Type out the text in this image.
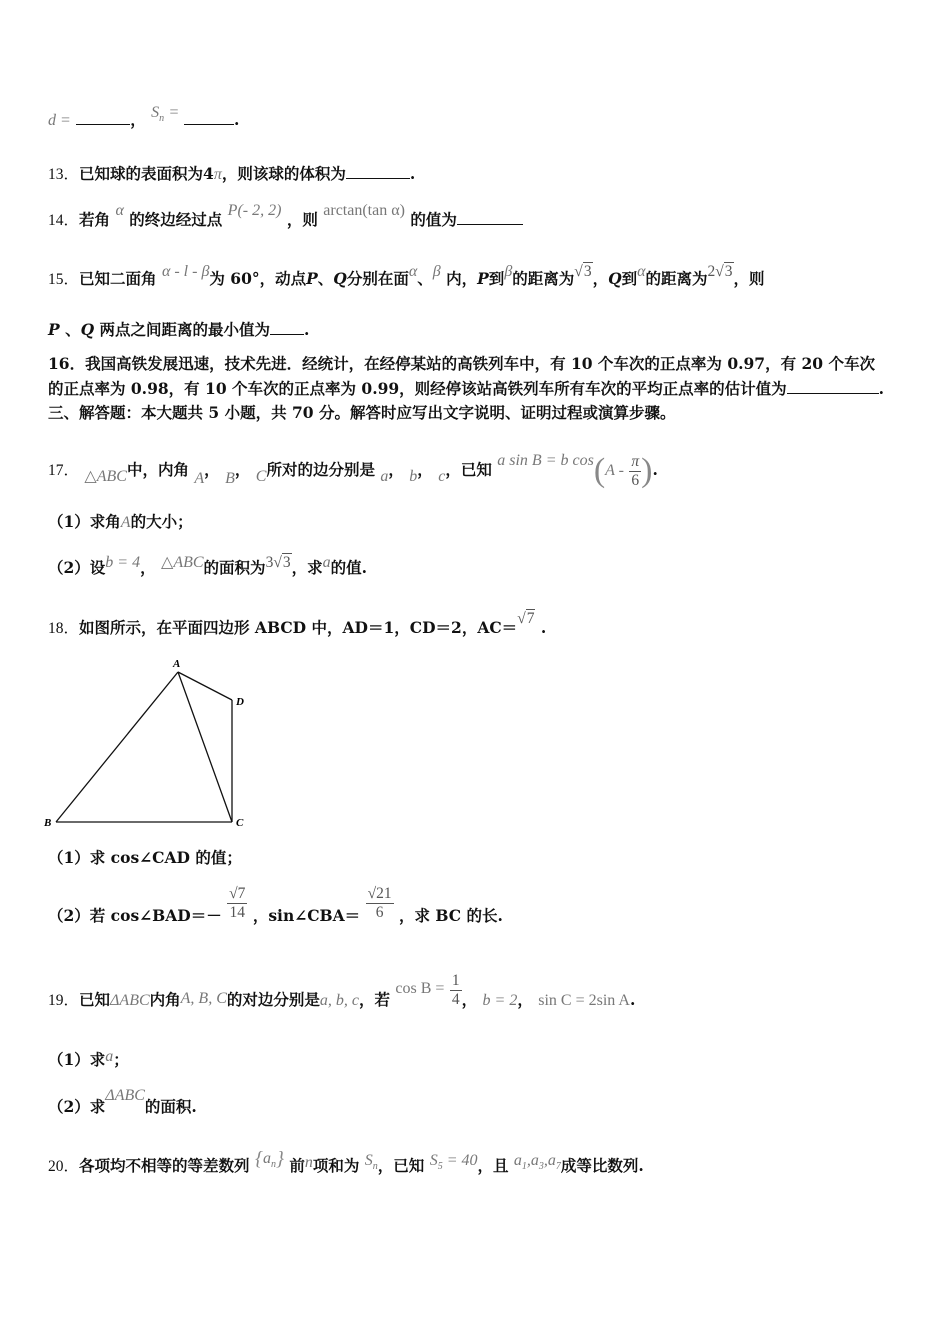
d =	， $S_n$ =	.
13．已知球的表面积为4π，则该球的体积为	.
14．若角 α 的终边经过点 P(- 2, 2) ，则 arctan(tan α) 的值为
15．已知二面角 α - l - β为 60°，动点P、Q分别在面α、β 内，P到β的距离为√3，Q到α的距离为2√3，则
P 、Q 两点之间距离的最小值为 .
16．我国高铁发展迅速，技术先进．经统计，在经停某站的高铁列车中，有 10 个车次的正点率为 0.97，有 20 个车次
的正点率为 0.98，有 10 个车次的正点率为 0.99，则经停该站高铁列车所有车次的平均正点率的估计值为	.
三、解答题：本大题共 5 小题，共 70 分。解答时应写出文字说明、证明过程或演算步骤。
17． △ABC中，内角 A， B， C所对的边分别是 a， b， c，已知 a sin B = b $\cos(A - \frac{\pi}{6}$ ).
（1）求角A的大小；
（2）设b = 4， △ABC的面积为3√3，求a的值.
18．如图所示，在平面四边形 ABCD 中，AD＝1，CD＝2，AC＝√7 .
A
D
B	C
（1）求 cos∠CAD 的值；
（2）若 cos∠BAD＝－ $\frac{√7}{14}$ ，sin∠CBA＝ $\frac{√21}{6}$ ，求 BC 的长.
19．已知ΔABC内角A, B, C的对边分别是a, b, c，若 $\cos B = \frac{1}{4}$ ， b = 2， sin C = 2sin A.
（1）求a；
（2）求ΔABC的面积.
20．各项均不相等的等差数列 $\{a_n\}$ 前n项和为 $S_n$，已知 $S_5 = 40$，且 $a_1,a_3,a_7$成等比数列.
